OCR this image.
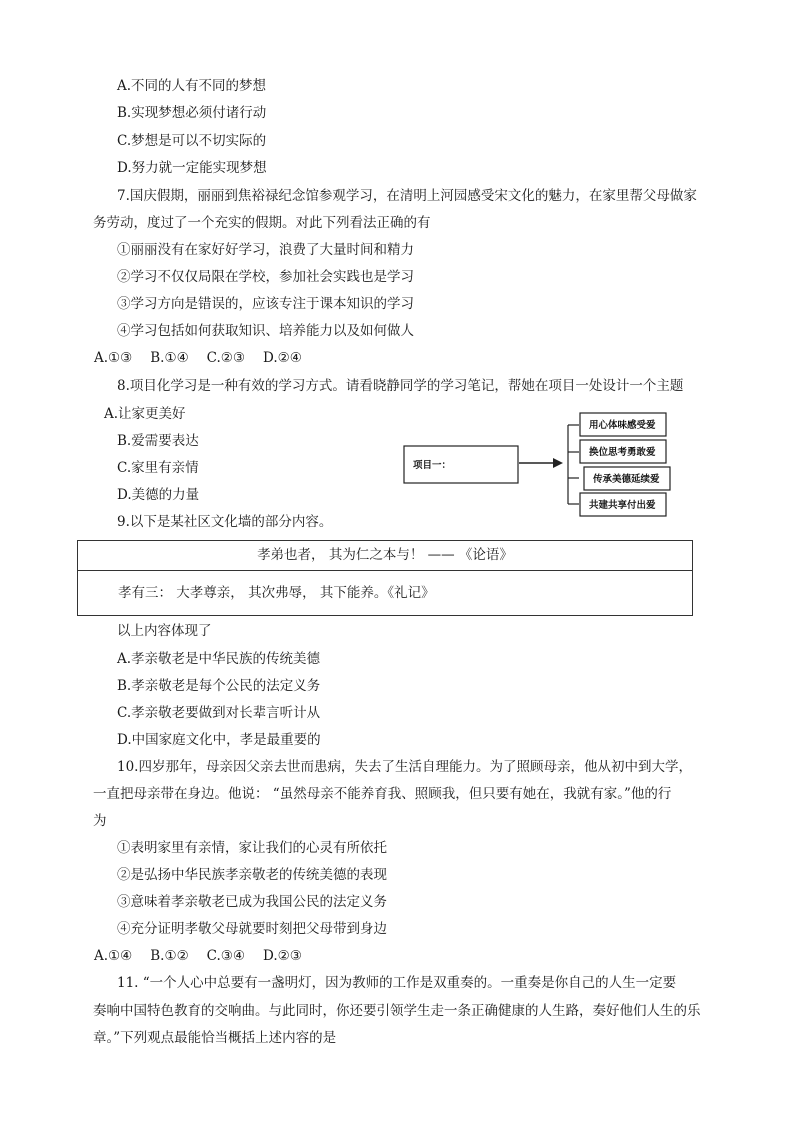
A.不同的人有不同的梦想
B.实现梦想必须付诸行动
C.梦想是可以不切实际的
D.努力就一定能实现梦想
7.国庆假期，丽丽到焦裕禄纪念馆参观学习，在清明上河园感受宋文化的魅力，在家里帮父母做家
务劳动，度过了一个充实的假期。对此下列看法正确的有
①丽丽没有在家好好学习，浪费了大量时间和精力
②学习不仅仅局限在学校，参加社会实践也是学习
③学习方向是错误的，应该专注于课本知识的学习
④学习包括如何获取知识、培养能力以及如何做人
A.①③ B.①④ C.②③ D.②④
8.项目化学习是一种有效的学习方式。请看晓静同学的学习笔记，帮她在项目一处设计一个主题
A.让家更美好
B.爱需要表达
C.家里有亲情
D.美德的力量
项目一：
用心体味感受爱
换位思考勇敢爱
传承美德延续爱
共建共享付出爱
9.以下是某社区文化墙的部分内容。
孝弟也者， 其为仁之本与！ —— 《论语》
孝有三： 大孝尊亲， 其次弗辱， 其下能养。《礼记》
以上内容体现了
A.孝亲敬老是中华民族的传统美德
B.孝亲敬老是每个公民的法定义务
C.孝亲敬老要做到对长辈言听计从
D.中国家庭文化中，孝是最重要的
10.四岁那年，母亲因父亲去世而患病，失去了生活自理能力。为了照顾母亲，他从初中到大学，
一直把母亲带在身边。他说： “虽然母亲不能养育我、照顾我，但只要有她在，我就有家。”他的行
为
①表明家里有亲情，家让我们的心灵有所依托
②是弘扬中华民族孝亲敬老的传统美德的表现
③意味着孝亲敬老已成为我国公民的法定义务
④充分证明孝敬父母就要时刻把父母带到身边
A.①④ B.①② C.③④ D.②③
11. “一个人心中总要有一盏明灯，因为教师的工作是双重奏的。一重奏是你自己的人生一定要
奏响中国特色教育的交响曲。与此同时，你还要引领学生走一条正确健康的人生路，奏好他们人生的乐
章。”下列观点最能恰当概括上述内容的是
